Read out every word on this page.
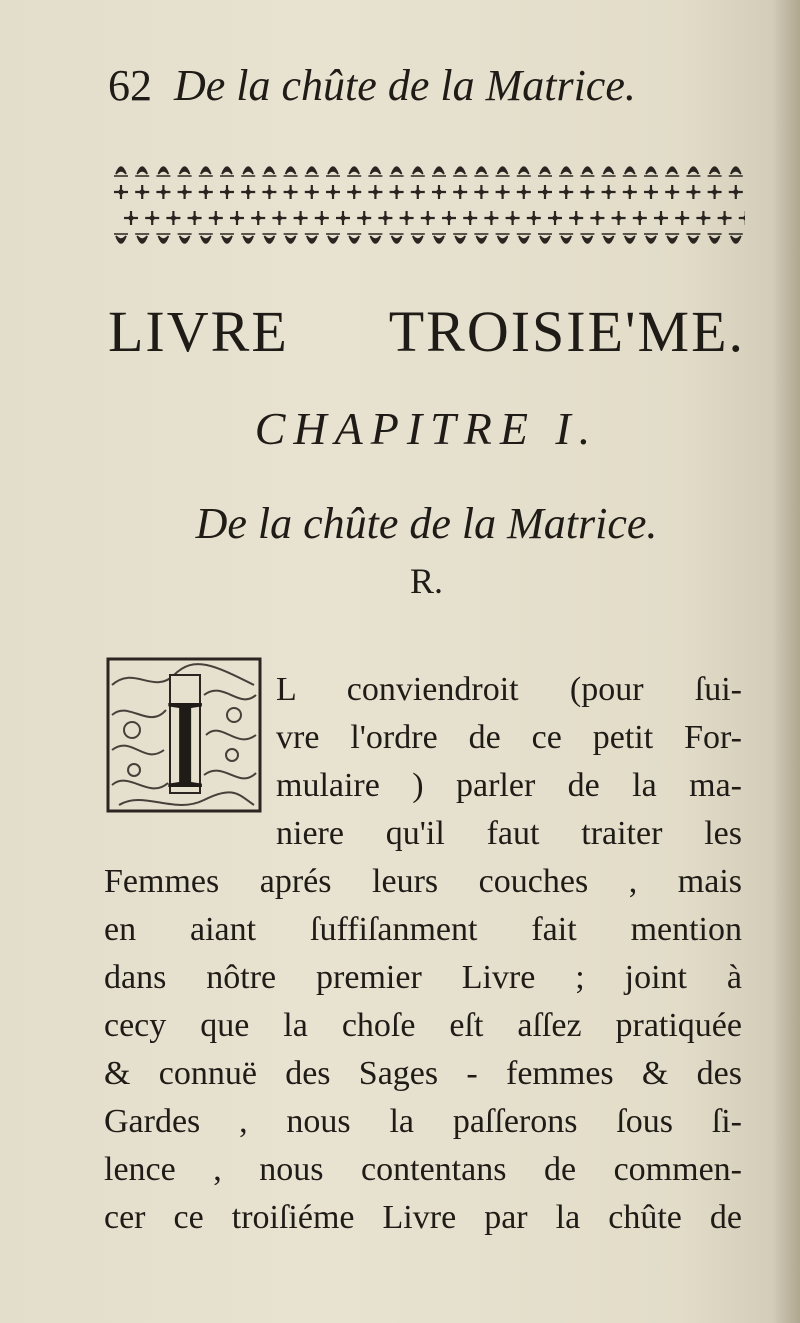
62 De la chûte de la Matrice.
LIVRE TROISIE'ME.
CHAPITRE I.
De la chûte de la Matrice.
R.
I L conviendroit (pour ſui-
vre l'ordre de ce petit For-
mulaire ) parler de la ma-
niere qu'il faut traiter les
Femmes aprés leurs couches , mais
en aiant ſuffiſanment fait mention
dans nôtre premier Livre ; joint à
cecy que la choſe eſt aſſez pratiquée
& connuë des Sages - femmes & des
Gardes , nous la paſſerons ſous ſi-
lence , nous contentans de commen-
cer ce troiſiéme Livre par la chûte de
